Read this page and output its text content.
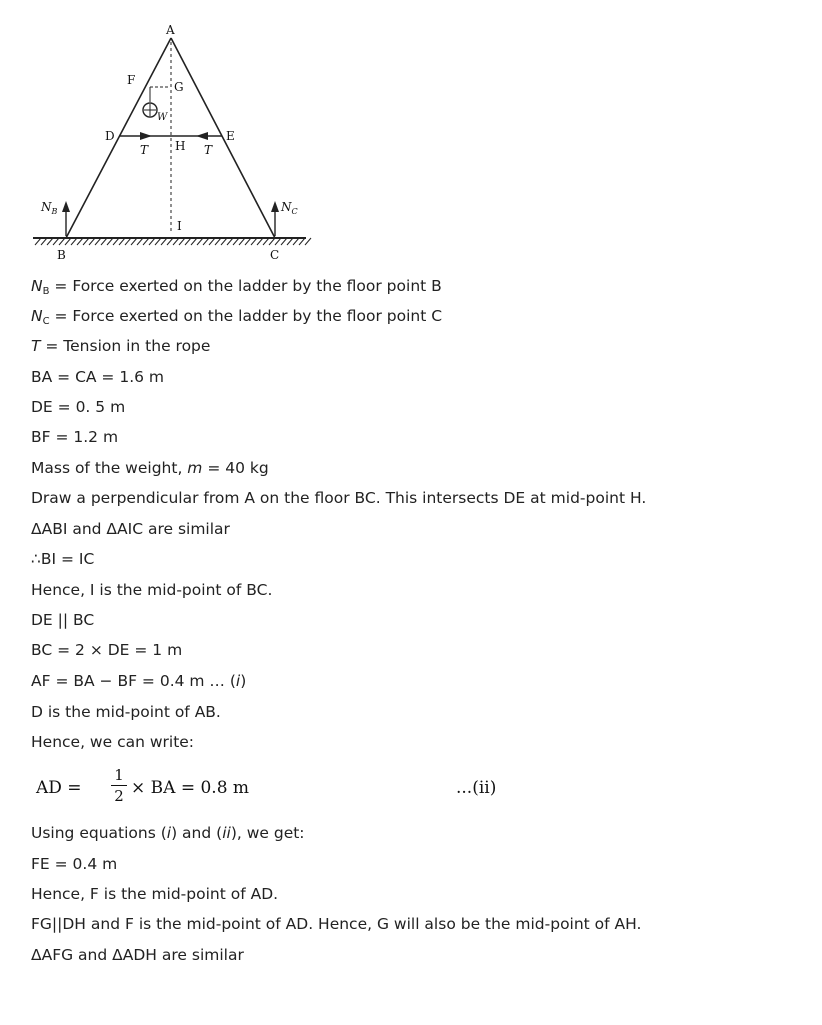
A
F	G
W
D	E
H
T	T
I
B	C
$N_B$	$N_C$
NB = Force exerted on the ladder by the floor point B
NC = Force exerted on the ladder by the floor point C
T = Tension in the rope
BA = CA = 1.6 m
DE = 0. 5 m
BF = 1.2 m
Mass of the weight, m = 40 kg
Draw a perpendicular from A on the floor BC. This intersects DE at mid-point H.
ΔABI and ΔAIC are similar
∴BI = IC
Hence, I is the mid-point of BC.
DE || BC
BC = 2 × DE = 1 m
AF = BA − BF = 0.4 m … (i)
D is the mid-point of AB.
Hence, we can write:
AD =
1
2 × BA = 0.8 m	...(ii)
Using equations (i) and (ii), we get:
FE = 0.4 m
Hence, F is the mid-point of AD.
FG||DH and F is the mid-point of AD. Hence, G will also be the mid-point of AH.
ΔAFG and ΔADH are similar
